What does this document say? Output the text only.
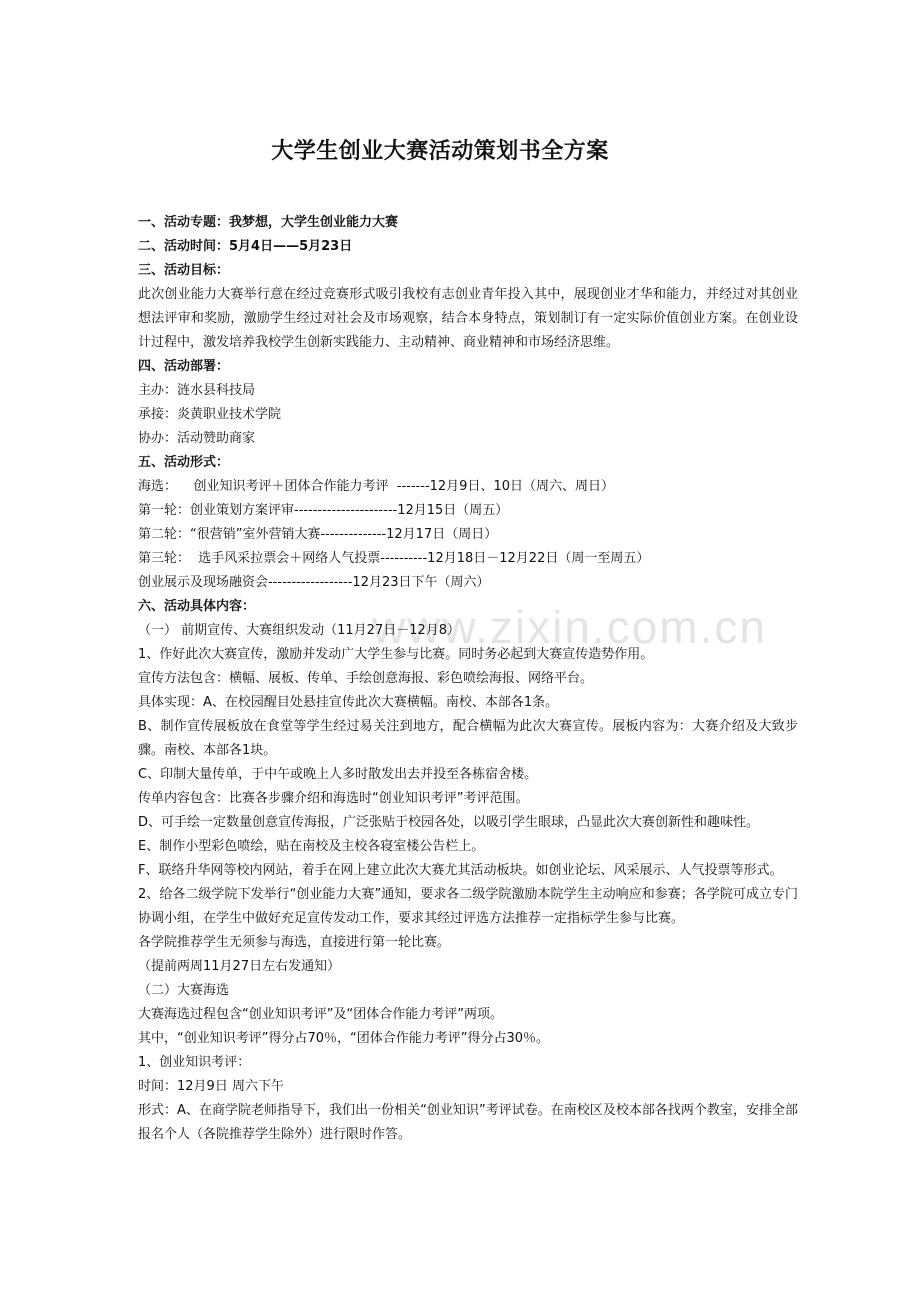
www.zixin.com.cn
大学生创业大赛活动策划书全方案

一、活动专题：我梦想，大学生创业能力大赛

二、活动时间：5月4日——5月23日

三、活动目标：

此次创业能力大赛举行意在经过竞赛形式吸引我校有志创业青年投入其中，展现创业才华和能力，并经过对其创业想法评审和奖励，激励学生经过对社会及市场观察，结合本身特点，策划制订有一定实际价值创业方案。在创业设计过程中，激发培养我校学生创新实践能力、主动精神、商业精神和市场经济思维。

四、活动部署：

主办：涟水县科技局

承接：炎黄职业技术学院

协办：活动赞助商家

五、活动形式：

海选：    创业知识考评＋团体合作能力考评  -------12月9日、10日（周六、周日）

第一轮：创业策划方案评审----------------------12月15日（周五）

第二轮：“很营销”室外营销大赛--------------12月17日（周日）

第三轮：  选手风采拉票会＋网络人气投票----------12月18日－12月22日（周一至周五）

创业展示及现场融资会------------------12月23日下午（周六）

六、活动具体内容：

（一） 前期宣传、大赛组织发动（11月27日－12月8）

1、作好此次大赛宣传，激励并发动广大学生参与比赛。同时务必起到大赛宣传造势作用。

宣传方法包含：横幅、展板、传单、手绘创意海报、彩色喷绘海报、网络平台。

具体实现：A、在校园醒目处悬挂宣传此次大赛横幅。南校、本部各1条。

B、制作宣传展板放在食堂等学生经过易关注到地方，配合横幅为此次大赛宣传。展板内容为：大赛介绍及大致步骤。南校、本部各1块。

C、印制大量传单，于中午或晚上人多时散发出去并投至各栋宿舍楼。

传单内容包含：比赛各步骤介绍和海选时“创业知识考评”考评范围。

D、可手绘一定数量创意宣传海报，广泛张贴于校园各处，以吸引学生眼球，凸显此次大赛创新性和趣味性。

E、制作小型彩色喷绘，贴在南校及主校各寝室楼公告栏上。

F、联络升华网等校内网站，着手在网上建立此次大赛尤其活动板块。如创业论坛、风采展示、人气投票等形式。

2、给各二级学院下发举行“创业能力大赛”通知，要求各二级学院激励本院学生主动响应和参赛；各学院可成立专门协调小组，在学生中做好充足宣传发动工作，要求其经过评选方法推荐一定指标学生参与比赛。

各学院推荐学生无须参与海选，直接进行第一轮比赛。

（提前两周11月27日左右发通知）

（二）大赛海选

大赛海选过程包含“创业知识考评”及“团体合作能力考评”两项。

其中，“创业知识考评”得分占70％，“团体合作能力考评”得分占30％。

1、创业知识考评：

时间：12月9日 周六下午

形式：A、在商学院老师指导下，我们出一份相关“创业知识”考评试卷。在南校区及校本部各找两个教室，安排全部报名个人（各院推荐学生除外）进行限时作答。
